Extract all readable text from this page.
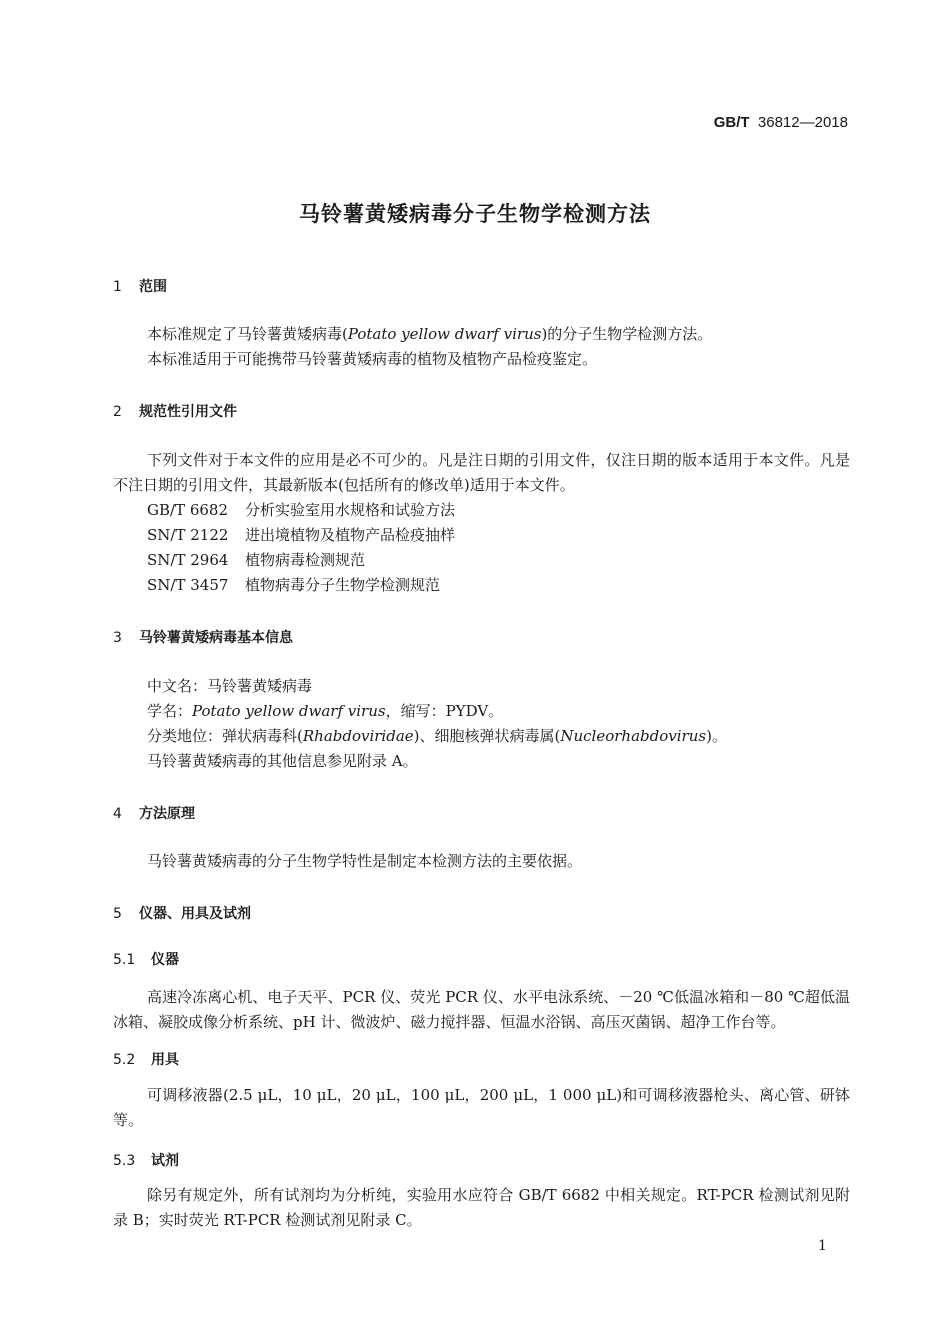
GB/T 36812—2018
马铃薯黄矮病毒分子生物学检测方法
1 范围
本标准规定了马铃薯黄矮病毒(Potato yellow dwarf virus)的分子生物学检测方法。
本标准适用于可能携带马铃薯黄矮病毒的植物及植物产品检疫鉴定。
2 规范性引用文件
下列文件对于本文件的应用是必不可少的。凡是注日期的引用文件，仅注日期的版本适用于本文件。凡是不注日期的引用文件，其最新版本(包括所有的修改单)适用于本文件。
GB/T 6682 分析实验室用水规格和试验方法
SN/T 2122 进出境植物及植物产品检疫抽样
SN/T 2964 植物病毒检测规范
SN/T 3457 植物病毒分子生物学检测规范
3 马铃薯黄矮病毒基本信息
中文名：马铃薯黄矮病毒
学名：Potato yellow dwarf virus，缩写：PYDV。
分类地位：弹状病毒科(Rhabdoviridae)、细胞核弹状病毒属(Nucleorhabdovirus)。
马铃薯黄矮病毒的其他信息参见附录 A。
4 方法原理
马铃薯黄矮病毒的分子生物学特性是制定本检测方法的主要依据。
5 仪器、用具及试剂
5.1 仪器
高速冷冻离心机、电子天平、PCR 仪、荧光 PCR 仪、水平电泳系统、－20 ℃低温冰箱和－80 ℃超低温冰箱、凝胶成像分析系统、pH 计、微波炉、磁力搅拌器、恒温水浴锅、高压灭菌锅、超净工作台等。
5.2 用具
可调移液器(2.5 μL，10 μL，20 μL，100 μL，200 μL，1 000 μL)和可调移液器枪头、离心管、研钵等。
5.3 试剂
除另有规定外，所有试剂均为分析纯，实验用水应符合 GB/T 6682 中相关规定。RT-PCR 检测试剂见附录 B；实时荧光 RT-PCR 检测试剂见附录 C。
1
